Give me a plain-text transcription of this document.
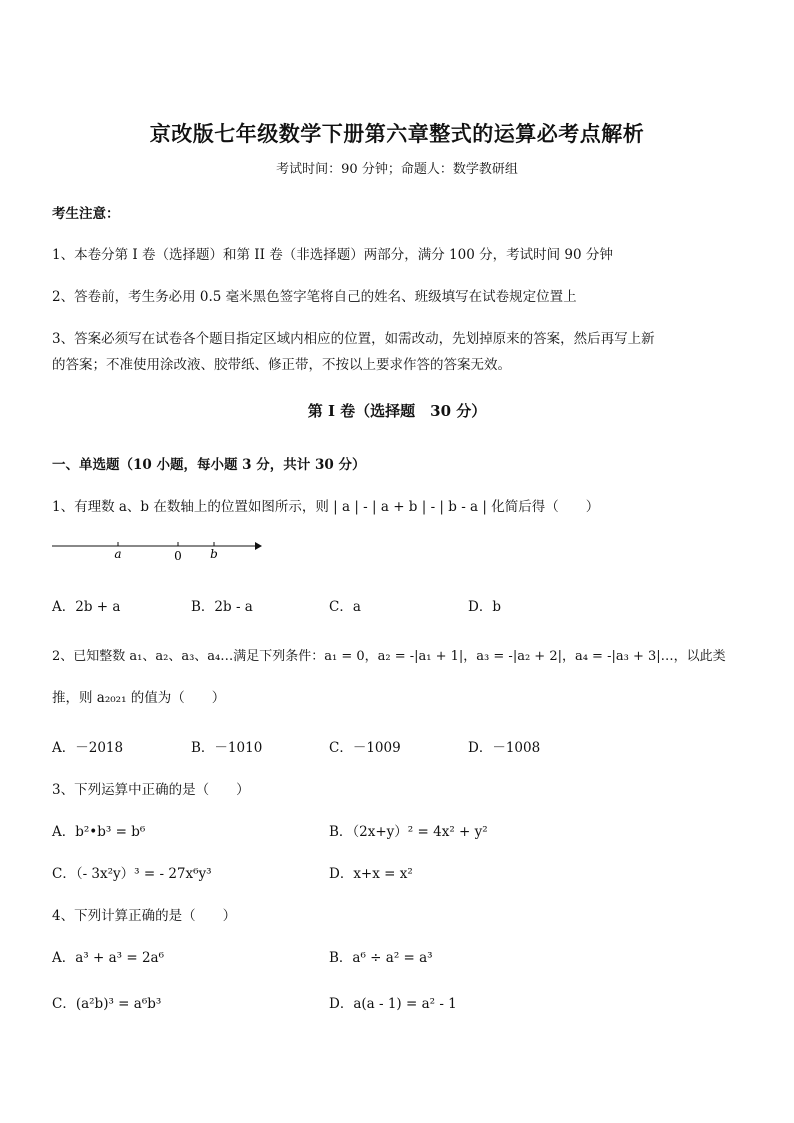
京改版七年级数学下册第六章整式的运算必考点解析
考试时间：90 分钟；命题人：数学教研组
考生注意：
1、本卷分第 I 卷（选择题）和第 II 卷（非选择题）两部分，满分 100 分，考试时间 90 分钟
2、答卷前，考生务必用 0.5 毫米黑色签字笔将自己的姓名、班级填写在试卷规定位置上
3、答案必须写在试卷各个题目指定区域内相应的位置，如需改动，先划掉原来的答案，然后再写上新
的答案；不准使用涂改液、胶带纸、修正带，不按以上要求作答的答案无效。
第 I 卷（选择题　30 分）
一、单选题（10 小题，每小题 3 分，共计 30 分）
1、有理数 a、b 在数轴上的位置如图所示，则 | a | - | a + b | - | b - a | 化简后得（　　）
a	0 b
A．2b + a	B．2b - a	C．a	D．b
2、已知整数 a₁、a₂、a₃、a₄…满足下列条件：a₁ = 0，a₂ = -|a₁ + 1|，a₃ = -|a₂ + 2|，a₄ = -|a₃ + 3|…，以此类
推，则 a₂₀₂₁ 的值为（　　）
A．－2018	B．－1010	C．－1009	D．－1008
3、下列运算中正确的是（　　）
A．b²•b³ = b⁶	B．（2x+y）² = 4x² + y²
C．（- 3x²y）³ = - 27x⁶y³	D．x+x = x²
4、下列计算正确的是（　　）
A．a³ + a³ = 2a⁶	B．a⁶ ÷ a² = a³
C．(a²b)³ = a⁶b³	D．a(a - 1) = a² - 1
